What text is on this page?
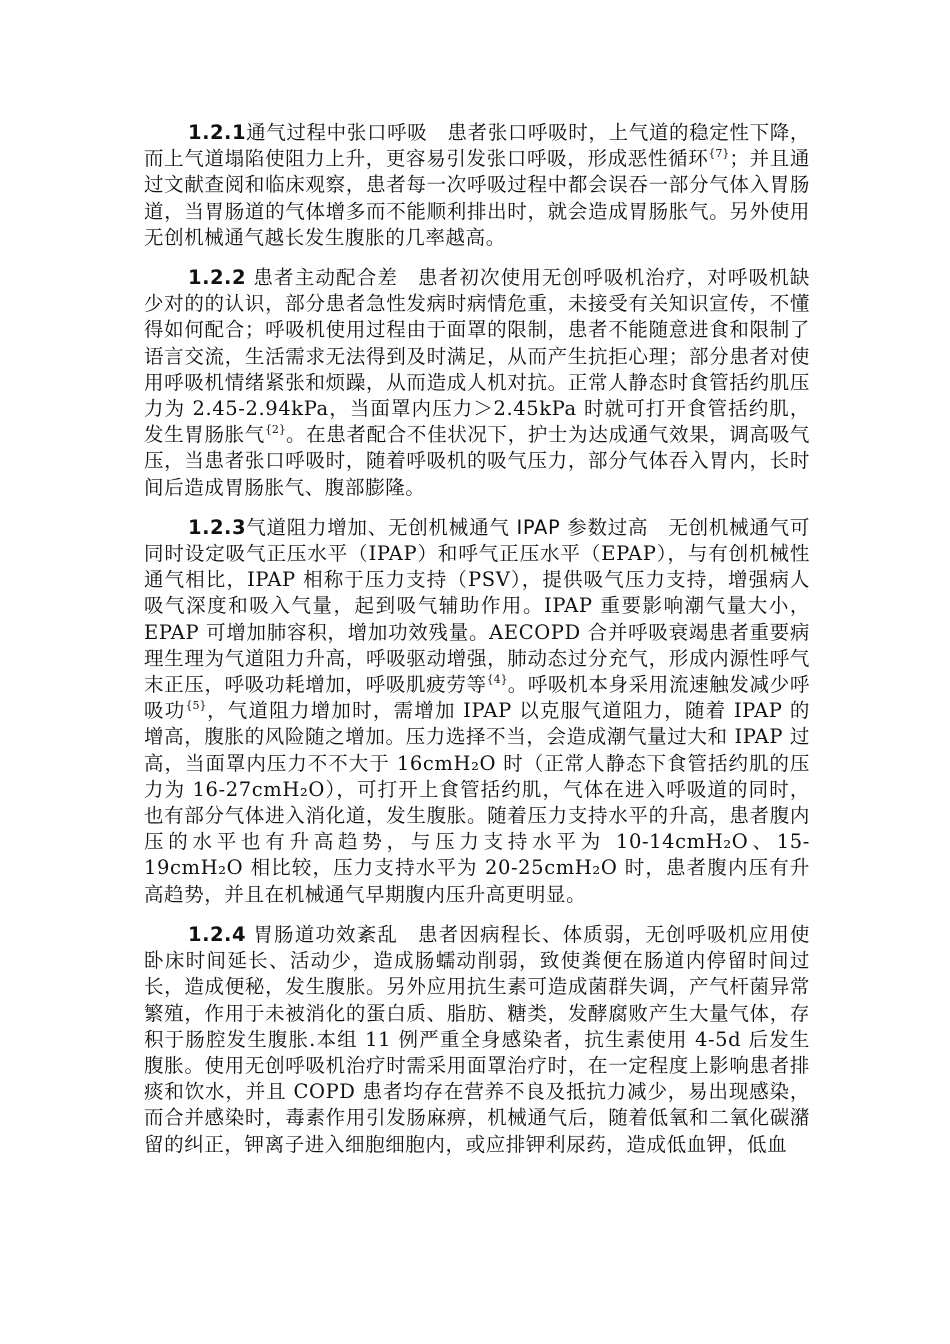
1.2.1通气过程中张口呼吸 患者张口呼吸时，上气道的稳定性下降，而上气道塌陷使阻力上升，更容易引发张口呼吸，形成恶性循环$^{\{7\}}$；并且通过文献查阅和临床观察，患者每一次呼吸过程中都会误吞一部分气体入胃肠道，当胃肠道的气体增多而不能顺利排出时，就会造成胃肠胀气。另外使用无创机械通气越长发生腹胀的几率越高。

1.2.2 患者主动配合差 患者初次使用无创呼吸机治疗，对呼吸机缺少对的的认识，部分患者急性发病时病情危重，未接受有关知识宣传，不懂得如何配合；呼吸机使用过程由于面罩的限制，患者不能随意进食和限制了语言交流，生活需求无法得到及时满足，从而产生抗拒心理；部分患者对使用呼吸机情绪紧张和烦躁，从而造成人机对抗。正常人静态时食管括约肌压力为 2.45-2.94kPa，当面罩内压力＞2.45kPa 时就可打开食管括约肌，发生胃肠胀气$^{\{2\}}$。在患者配合不佳状况下，护士为达成通气效果，调高吸气压，当患者张口呼吸时，随着呼吸机的吸气压力，部分气体吞入胃内，长时间后造成胃肠胀气、腹部膨隆。

1.2.3气道阻力增加、无创机械通气 IPAP 参数过高 无创机械通气可同时设定吸气正压水平（IPAP）和呼气正压水平（EPAP），与有创机械性通气相比，IPAP 相称于压力支持（PSV），提供吸气压力支持，增强病人吸气深度和吸入气量，起到吸气辅助作用。IPAP 重要影响潮气量大小，EPAP 可增加肺容积，增加功效残量。AECOPD 合并呼吸衰竭患者重要病理生理为气道阻力升高，呼吸驱动增强，肺动态过分充气，形成内源性呼气末正压，呼吸功耗增加，呼吸肌疲劳等$^{\{4\}}$。呼吸机本身采用流速触发减少呼吸功$^{\{5\}}$，气道阻力增加时，需增加 IPAP 以克服气道阻力，随着 IPAP 的增高，腹胀的风险随之增加。压力选择不当，会造成潮气量过大和 IPAP 过高，当面罩内压力不不大于 16cmH₂O 时（正常人静态下食管括约肌的压力为 16-27cmH₂O），可打开上食管括约肌，气体在进入呼吸道的同时，也有部分气体进入消化道，发生腹胀。随着压力支持水平的升高，患者腹内压的水平也有升高趋势，与压力支持水平为 10-14cmH₂O、15-19cmH₂O 相比较，压力支持水平为 20-25cmH₂O 时，患者腹内压有升高趋势，并且在机械通气早期腹内压升高更明显。

1.2.4 胃肠道功效紊乱 患者因病程长、体质弱，无创呼吸机应用使卧床时间延长、活动少，造成肠蠕动削弱，致使粪便在肠道内停留时间过长，造成便秘，发生腹胀。另外应用抗生素可造成菌群失调，产气杆菌异常繁殖，作用于未被消化的蛋白质、脂肪、糖类，发酵腐败产生大量气体，存积于肠腔发生腹胀.本组 11 例严重全身感染者，抗生素使用 4-5d 后发生腹胀。使用无创呼吸机治疗时需采用面罩治疗时，在一定程度上影响患者排痰和饮水，并且 COPD 患者均存在营养不良及抵抗力减少，易出现感染，而合并感染时，毒素作用引发肠麻痹，机械通气后，随着低氧和二氧化碳潴留的纠正，钾离子进入细胞细胞内，或应排钾利尿药，造成低血钾，低血
